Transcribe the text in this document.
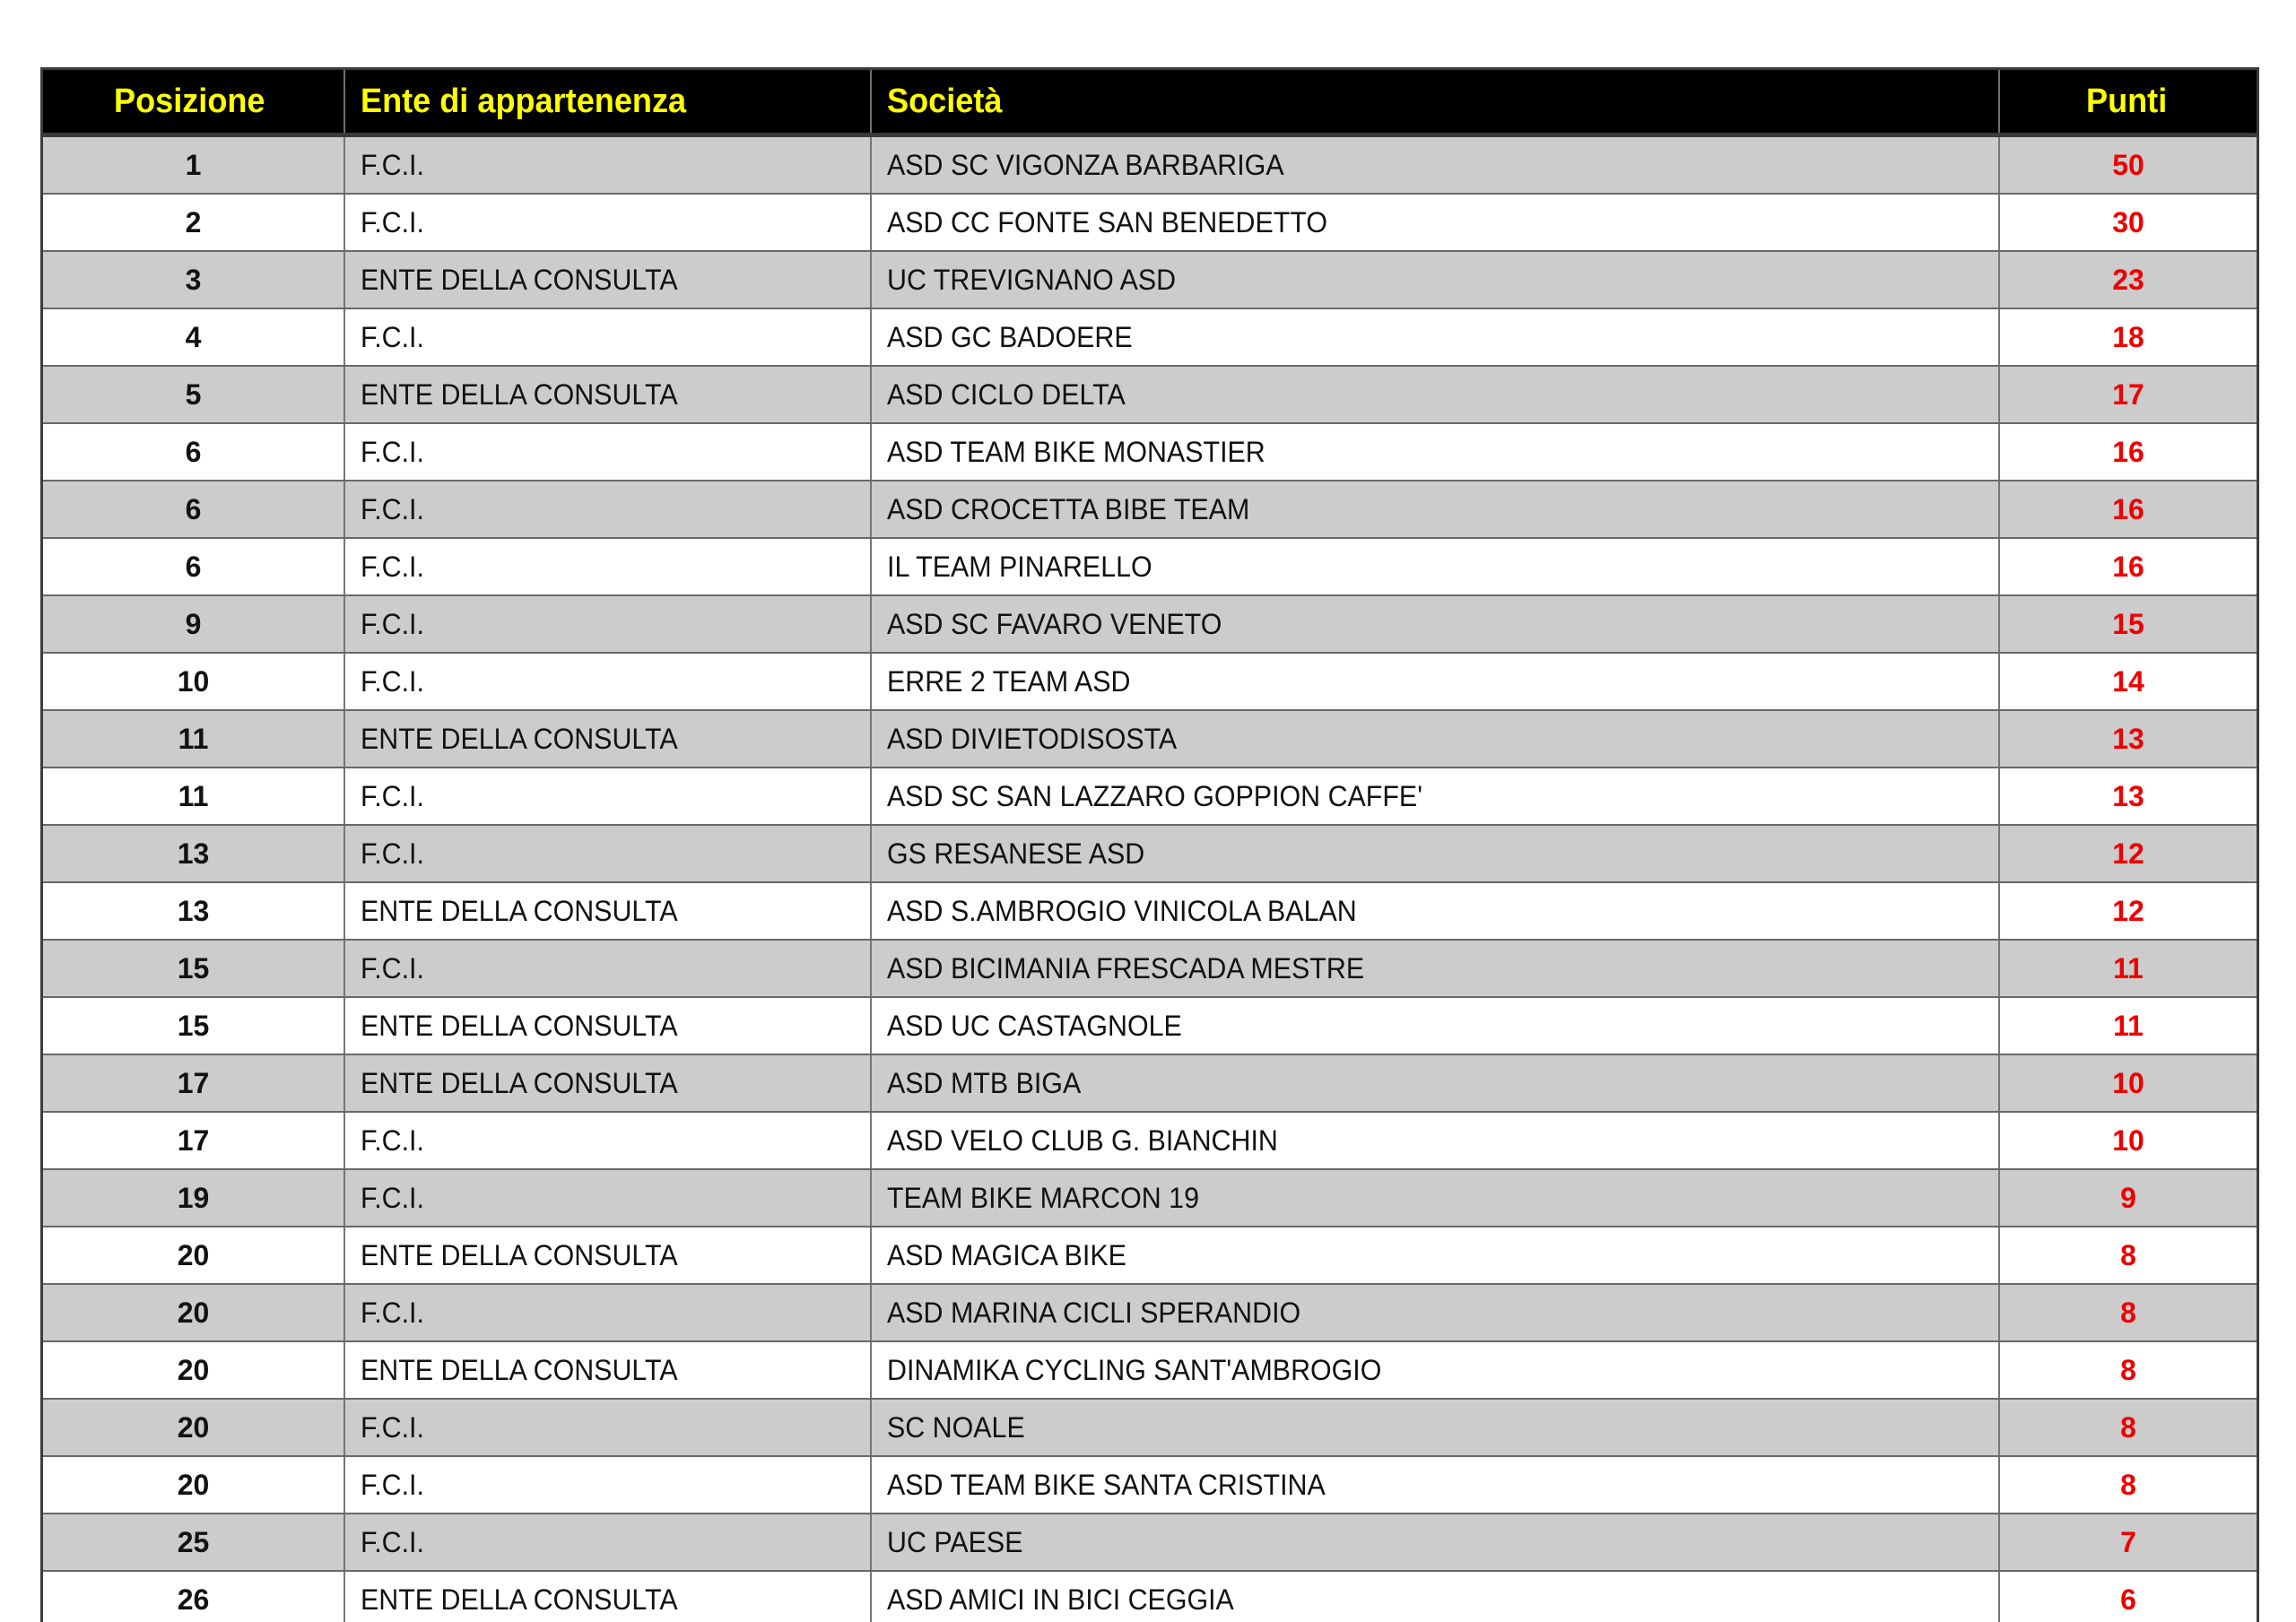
Posizione	Ente di appartenenza	Società	Punti
1	F.C.I.	ASD SC VIGONZA BARBARIGA	50
2	F.C.I.	ASD CC FONTE SAN BENEDETTO	30
3	ENTE DELLA CONSULTA	UC TREVIGNANO ASD	23
4	F.C.I.	ASD GC BADOERE	18
5	ENTE DELLA CONSULTA	ASD CICLO DELTA	17
6	F.C.I.	ASD TEAM BIKE MONASTIER	16
6	F.C.I.	ASD CROCETTA BIBE TEAM	16
6	F.C.I.	IL TEAM PINARELLO	16
9	F.C.I.	ASD SC FAVARO VENETO	15
10	F.C.I.	ERRE 2 TEAM ASD	14
11	ENTE DELLA CONSULTA	ASD DIVIETODISOSTA	13
11	F.C.I.	ASD SC SAN LAZZARO GOPPION CAFFE'	13
13	F.C.I.	GS RESANESE ASD	12
13	ENTE DELLA CONSULTA	ASD S.AMBROGIO VINICOLA BALAN	12
15	F.C.I.	ASD BICIMANIA FRESCADA MESTRE	11
15	ENTE DELLA CONSULTA	ASD UC CASTAGNOLE	11
17	ENTE DELLA CONSULTA	ASD MTB BIGA	10
17	F.C.I.	ASD VELO CLUB G. BIANCHIN	10
19	F.C.I.	TEAM BIKE MARCON 19	9
20	ENTE DELLA CONSULTA	ASD MAGICA BIKE	8
20	F.C.I.	ASD MARINA CICLI SPERANDIO	8
20	ENTE DELLA CONSULTA	DINAMIKA CYCLING SANT'AMBROGIO	8
20	F.C.I.	SC NOALE	8
20	F.C.I.	ASD TEAM BIKE SANTA CRISTINA	8
25	F.C.I.	UC PAESE	7
26	ENTE DELLA CONSULTA	ASD AMICI IN BICI CEGGIA	6
